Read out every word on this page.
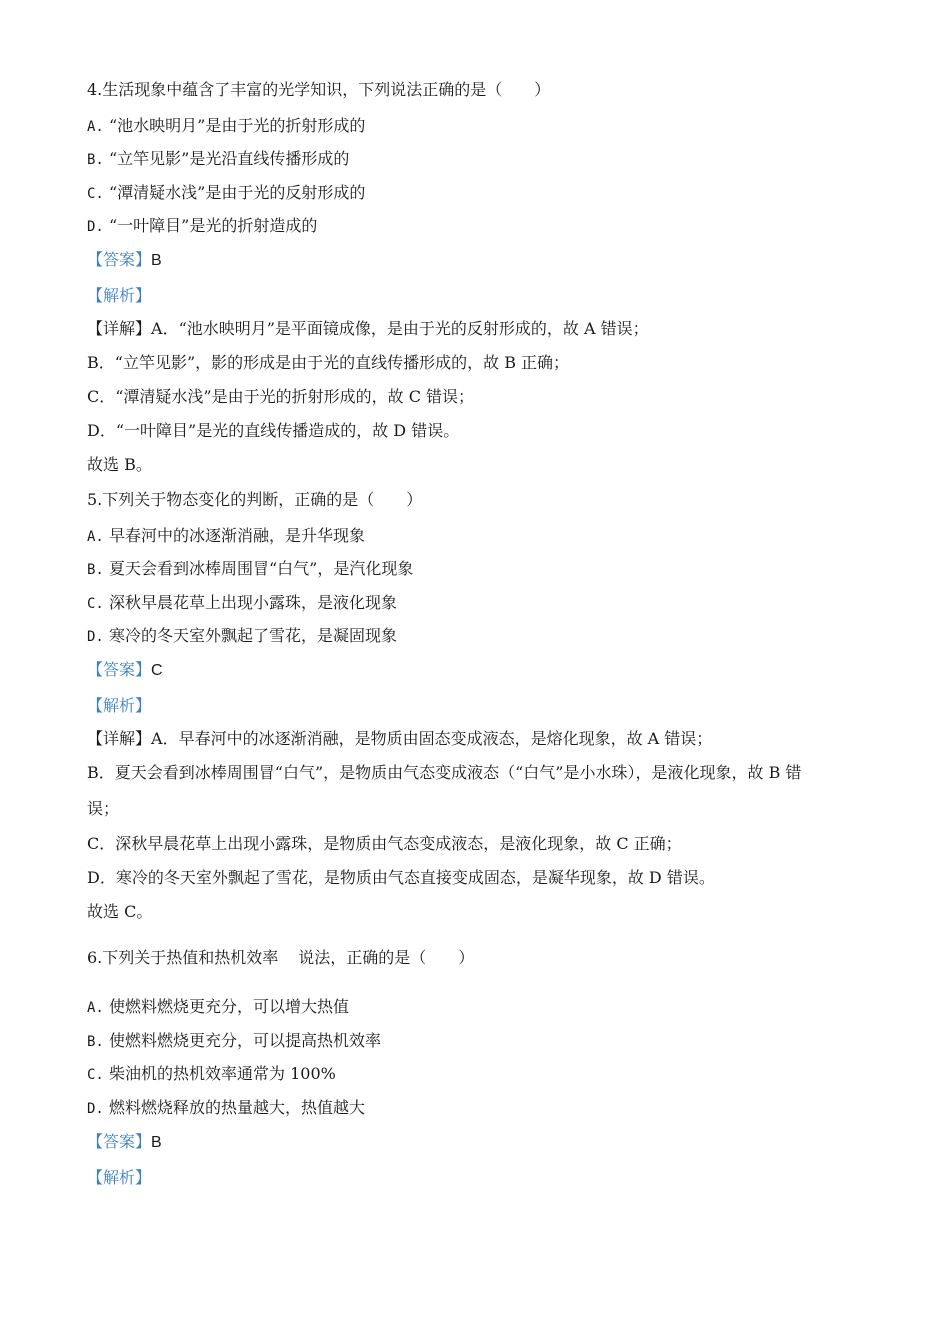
4.生活现象中蕴含了丰富的光学知识，下列说法正确的是（　　）
A. “池水映明月”是由于光的折射形成的
B. “立竿见影”是光沿直线传播形成的
C. “潭清疑水浅”是由于光的反射形成的
D. “一叶障目”是光的折射造成的
【答案】B
【解析】
【详解】A．“池水映明月”是平面镜成像，是由于光的反射形成的，故 A 错误；
B．“立竿见影”，影的形成是由于光的直线传播形成的，故 B 正确；
C．“潭清疑水浅”是由于光的折射形成的，故 C 错误；
D．“一叶障目”是光的直线传播造成的，故 D 错误。
故选 B。
5.下列关于物态变化的判断，正确的是（　　）
A. 早春河中的冰逐渐消融，是升华现象
B. 夏天会看到冰棒周围冒“白气”，是汽化现象
C. 深秋早晨花草上出现小露珠，是液化现象
D. 寒冷的冬天室外飘起了雪花，是凝固现象
【答案】C
【解析】
【详解】A．早春河中的冰逐渐消融，是物质由固态变成液态，是熔化现象，故 A 错误；
B．夏天会看到冰棒周围冒“白气”，是物质由气态变成液态（“白气”是小水珠），是液化现象，故 B 错
误；
C．深秋早晨花草上出现小露珠，是物质由气态变成液态，是液化现象，故 C 正确；
D．寒冷的冬天室外飘起了雪花，是物质由气态直接变成固态，是凝华现象，故 D 错误。
故选 C。
6.下列关于热值和热机效率 说法，正确的是（　　）
A. 使燃料燃烧更充分，可以增大热值
B. 使燃料燃烧更充分，可以提高热机效率
C. 柴油机的热机效率通常为 100%
D. 燃料燃烧释放的热量越大，热值越大
【答案】B
【解析】
